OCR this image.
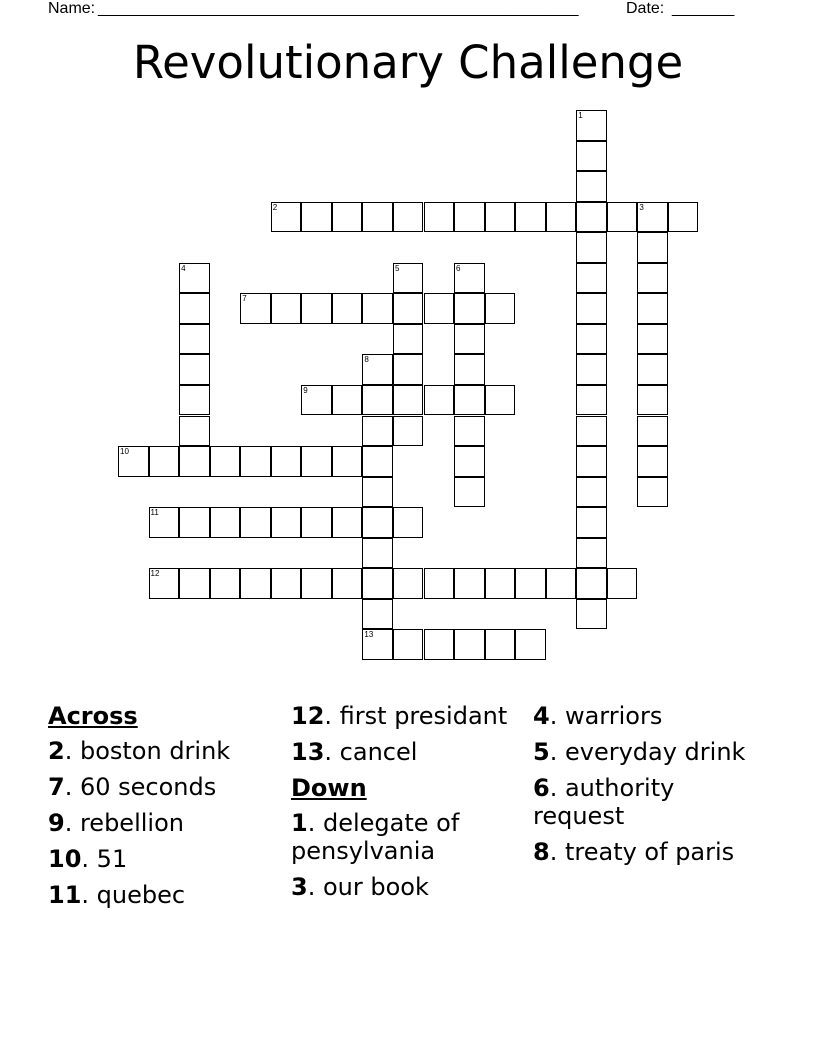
Name: ______________________________________________________	Date: _______
Revolutionary Challenge
1
2	3
4	5	6
7
8
13
9
10
11
12
Across
2. boston drink
7. 60 seconds
9. rebellion
10. 51
11. quebec
12. first presidant
13. cancel
Down
1. delegate of pensylvania
3. our book
4. warriors
5. everyday drink
6. authority request
8. treaty of paris
